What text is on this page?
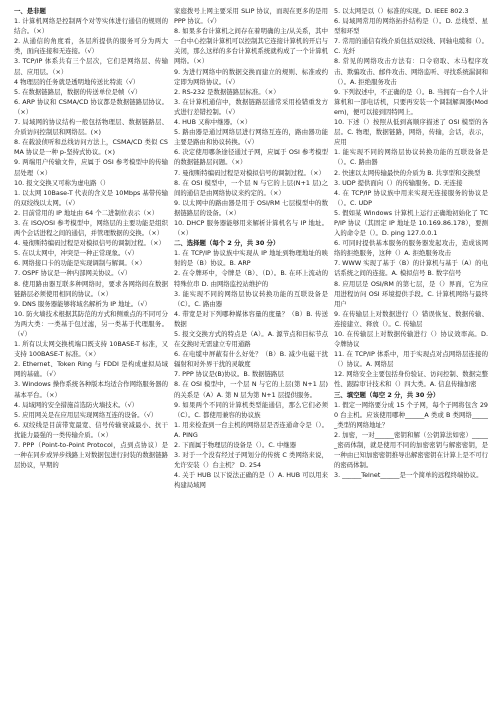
一、是非题

1. 计算机网络是控制两个对等实体进行通信的规则的结合。（×）

2. 从通信的角度看，各层所提供的服务可分为两大类，面向连接和无连接。（√）

3. TCP/IP 体系共有三个层次，它们是网络层、传输层、应用层。（×）

4 物理层的任务就是透明地传送比特流（√）

5. 在数据链路层，数据的传送单位是帧（√）

6. ARP 协议和 CSMA/CD 协议都是数据链路层协议。（×）

7. 局域网的协议结构一般包括物理层、数据链路层、介质访问控制层和网络层。(×)

8. 在载波侦听和总线访问方法上，CSMA/CD 类似 CSMA 协议是一种 p-坚持式协议。(×)

9. 两端用户传输文件，应属于 OSI 参考模型中的传输层处理（×）

10. 报文交换又可称为虚电路（）

1. 以太网 10Base-T 代表的含义是 10Mbps 基带传输的双绞线以太网。（√）

2. 目前常用的 IP 地址由 64 个二进制位表示（×）

3. 在 ISO/OSI 参考模型中，网络层的主要功能是组织两个会话进程之间的通信，并管理数据的交换。（×）

4. 曼彻斯特编码过程是对模拟信号的调制过程。（×）

5. 在以太网中，冲突是一种正常现象。（√）

6. 网络接口卡的功能是实现调制与解调。（×）

7. OSPF 协议是一种内部网关协议。（√）

8. 使用路由器互联多种网络时，要求各网络间在数据链路层必须使用相同的协议。（×）

9. DNS 服务器能够将域名解析为 IP 地址。（√）

10. 防火墙技术根据其防范的方式和侧重点的不同可分为两大类：一类基于包过滤，另一类基于代理服务。（√）

1. 所有以太网交换机端口既支持 10BASE-T 标准，又支持 100BASE-T 标准。（×）

2. Ethernet、Token Ring 与 FDDI 是构成虚拟局域网的基础。（√）

3. Windows 操作系统各种版本均适合作网络服务器的基本平台。（×）

4. 局域网的安全措施首选防火墙技术。（√）

5. 应用网关是在应用层实现网络互连的设备。（√）

6. 双绞线是目前带宽最宽、信号传输衰减最小、抗干扰能力最强的一类传输介质。（×）

7. PPP（Point-to-Point Protocol，点到点协议）是一种在同步或异步线路上对数据包进行封装的数据链路层协议，早期的

家庭拨号上网主要采用 SLIP 协议，而现在更多的是用 PPP 协议。（√）

8. 如果多台计算机之间存在着明确的主/从关系，其中一台中心控制计算机可以控制其它连接计算机的开启与关闭，那么这样的多台计算机系统就构成了一个计算机网络。（×）

9. 为进行网络中的数据交换而建立的规则、标准或约定即为网络协议。（√）

2. RS-232 是数据链路层标准。（×）

3. 在计算机通信中，数据链路层通常采用检错重发方式进行差错控制。（√）

4. HUB 又称中继器。（×）

5. 路由器是通过网络层进行网络互连的，路由器功能主要是路由和协议转换。（√）

6. 决定使用哪条途径通过子网，应属于 OSI 参考模型的数据链路层问题。（×）

7. 曼彻斯特编码过程是对模拟信号的调制过程。（×）

8. 在 OSI 模型中，一个层 N 与它的上层(N+1 层)之间的通信是由网络协议来约定的。（×）

9. 以太网中的路由器是用于 OSI/RM 七层模型中的数据链路层的设备。（×）

10. DHCP 服务器能够用来解析计算机名与 IP 地址。（×）

二、选择题（每个 2 分，共 30 分）

1. 在 TCP/IP 协议族中实现从 IP 地址到物理地址的映射的是（B）协议。B. ARP

2. 在令牌环中，令牌是（B）、（D）。B. 在环上流动的特殊位串 D. 由网络监控站维护的

3. 能实现不同的网络层协议转换功能的互联设备是（C）。C. 路由器

4. 带宽是对下列哪种媒体容量的度量？（B）B. 传送数据

5. 报文交换方式的特点是（A）。A. 源节点和目标节点在交换时无需建立专用通路

6. 在电缆中屏蔽有什么好处？（B）B. 减少电磁干扰辐射和对外界干扰的灵敏度

7. PPP 协议是(B)协议。B. 数据链路层

8. 在 OSI 模型中，一个层 N 与它的上层(第 N+1 层)的关系是（A）A. 第 N 层为第 N+1 层提供服务。

9. 如果两个不同的计算机类型能通信，那么它们必须（C）。C. 都使用兼容的协议族

1. 用来检查到一台主机的网络层是否连通命令是（）。A. PING

2. 下面属于物理层的设备是（）。C. 中继器

3. 对于一个没有经过子网划分的传统 C 类网络来说，允许安装（）台主机？ D. 254

4. 关于 HUB 以下说法正确的是（）A. HUB 可以用来构建局域网

5. 以太网是以（）标准的实现。D. IEEE 802.3

6. 局域网常用的网络拓扑结构是（）。D. 总线型、星型和环型

7. 常用的通信有线介质包括双绞线、同轴电缆和（）。C. 光纤

8. 常见的网络攻击方法有：口令窃取、木马程序攻击、欺骗攻击、邮件攻击、网络监听、寻找系统漏洞和（）。A. 拒绝服务攻击

9. 下列叙述中，不正确的是（）。B. 当拥有一台个人计算机和一部电话机，只要再安装一个调制解调器(Modem)，便可以接到因特网上。

10. 下述（）按照从低到高顺序描述了 OSI 模型的各层。C. 物理，数据链路，网络，传输，会话，表示，应用

1. 能实现不同的网络层协议转换功能的互联设备是（）。C. 路由器

2. 快速以太网传输最快的介质为 B. 共享型和交换型

3. UDP 提供面向（）的传输服务。D. 无连接

4. 在 TCP/IP 协议族中用来实现无连接服务的协议是（）。C. UDP

5. 假如某 Windows 计算机上运行正确地初始化了 TCP/IP 协议（其固定 IP 地址是 10.169.86.178），要测入的命令是（）。D. ping 127.0.0.1

6. 可同时提供基本服务的服务器发起攻击，造成该网络的拒绝服务，这种（）A. 拒绝服务攻击

7. WWW 实现了基于（B）的计算机与基于（A）的电话系统之间的连接。A. 模拟信号 B. 数字信号

8. 应用层是 OSI/RM 的第七层，是（）界面，它为应用进程访问 OSI 环境提供手段。C. 计算机网络与最终用户

9. 在传输层上对数据进行（）错误恢复、数据传输、连接建立、释放（）。C. 传输层

10. 在传输层上对数据传输进行（）协议效率高。D. 令牌协议

11. 在 TCP/IP 体系中，用于实现点对点网络层连接的（）协议。A. 网络层

12. 网络安全主要包括身份验证、访问控制、数据完整性、跟踪审计技术和（）四大类。A. 信息传输加密

三、填空题（每空 2 分，共 30 分）

1. 假定一网络要分成 15 个子网，每个子网将包含 290 台主机。应该使用哪种______A 类或 B 类网络______类型的网络地址？

2. 加密，一对______密钥和解（公钥算法如密）______密码体制，就是使用不同的加密密钥与解密密钥，是一种由已知加密密钥推导出解密密钥在计算上是不可行的密码体制。

3. ______Telnet______是一个简单的远程终端协议。
